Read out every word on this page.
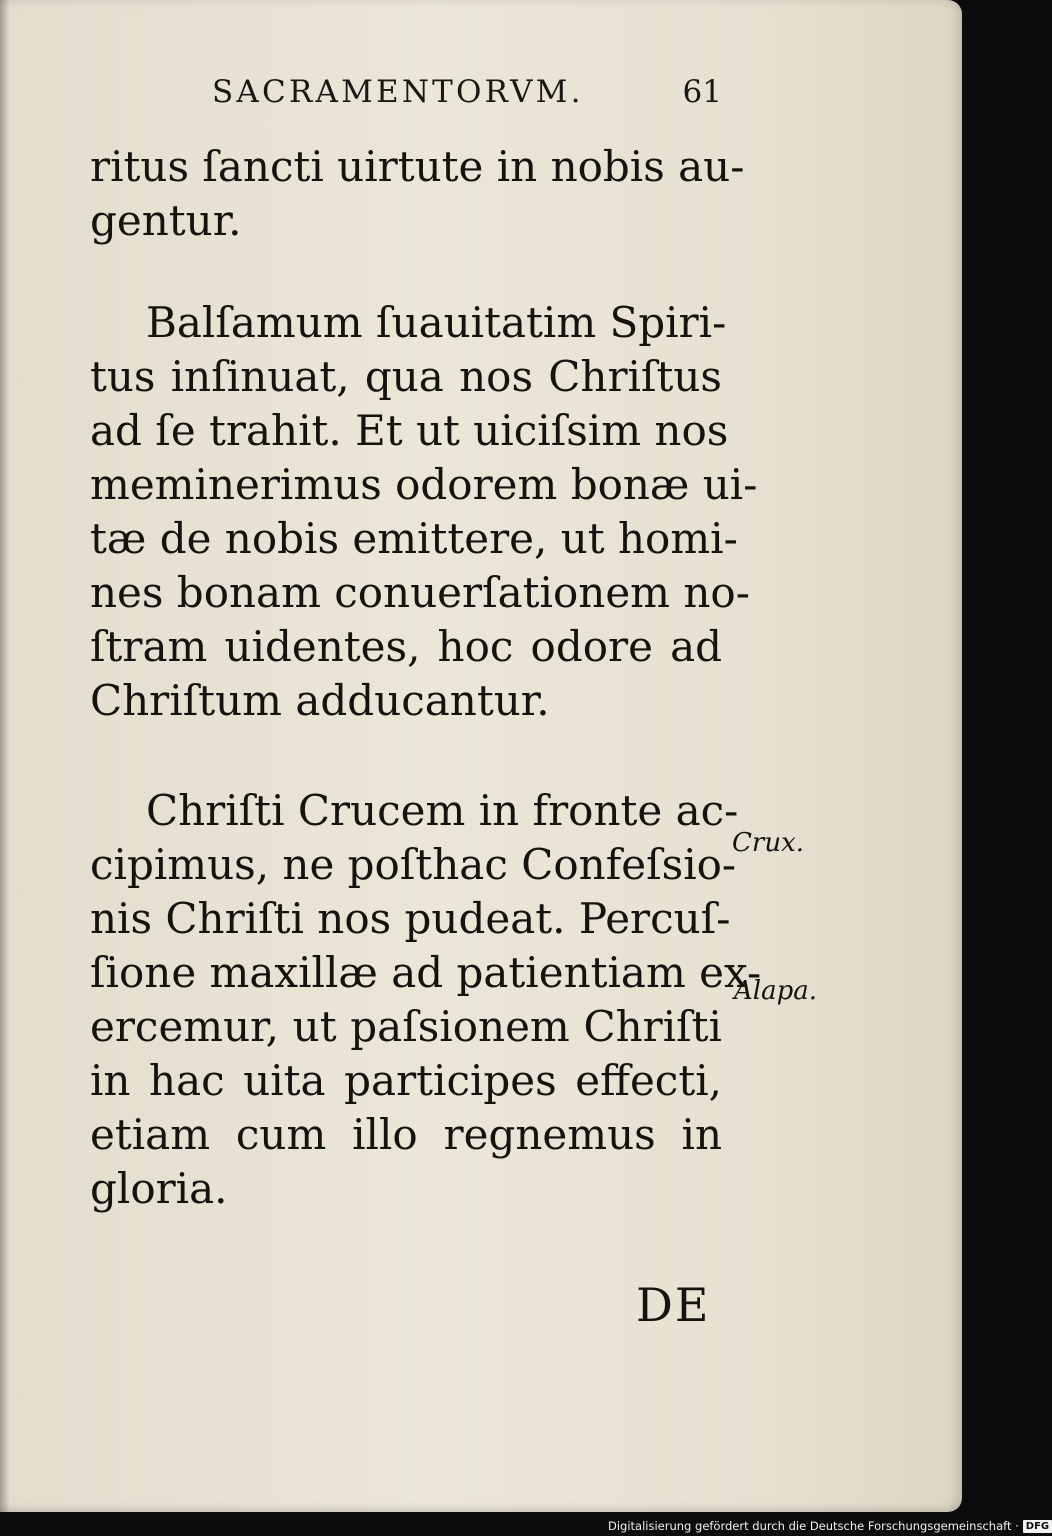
SACRAMENTORVM.	61
ritus ſancti uirtute in nobis au-
gentur.
Balſamum ſuauitatim Spiri-
tus inſinuat, qua nos Chriſtus
ad ſe trahit. Et ut uiciſsim nos
meminerimus odorem bonæ ui-
tæ de nobis emittere, ut homi-
nes bonam conuerſationem no-
ſtram uidentes, hoc odore ad
Chriſtum adducantur.
Chriſti Crucem in fronte ac-
cipimus, ne poſthac Confeſsio-
nis Chriſti nos pudeat. Percuſ-
ſione maxillæ ad patientiam ex-
ercemur, ut paſsionem Chriſti
in hac uita participes effecti,
etiam cum illo regnemus in
gloria.
Crux.
Alapa.
DE
Digitalisierung gefördert durch die Deutsche Forschungsgemeinschaft · DFG
